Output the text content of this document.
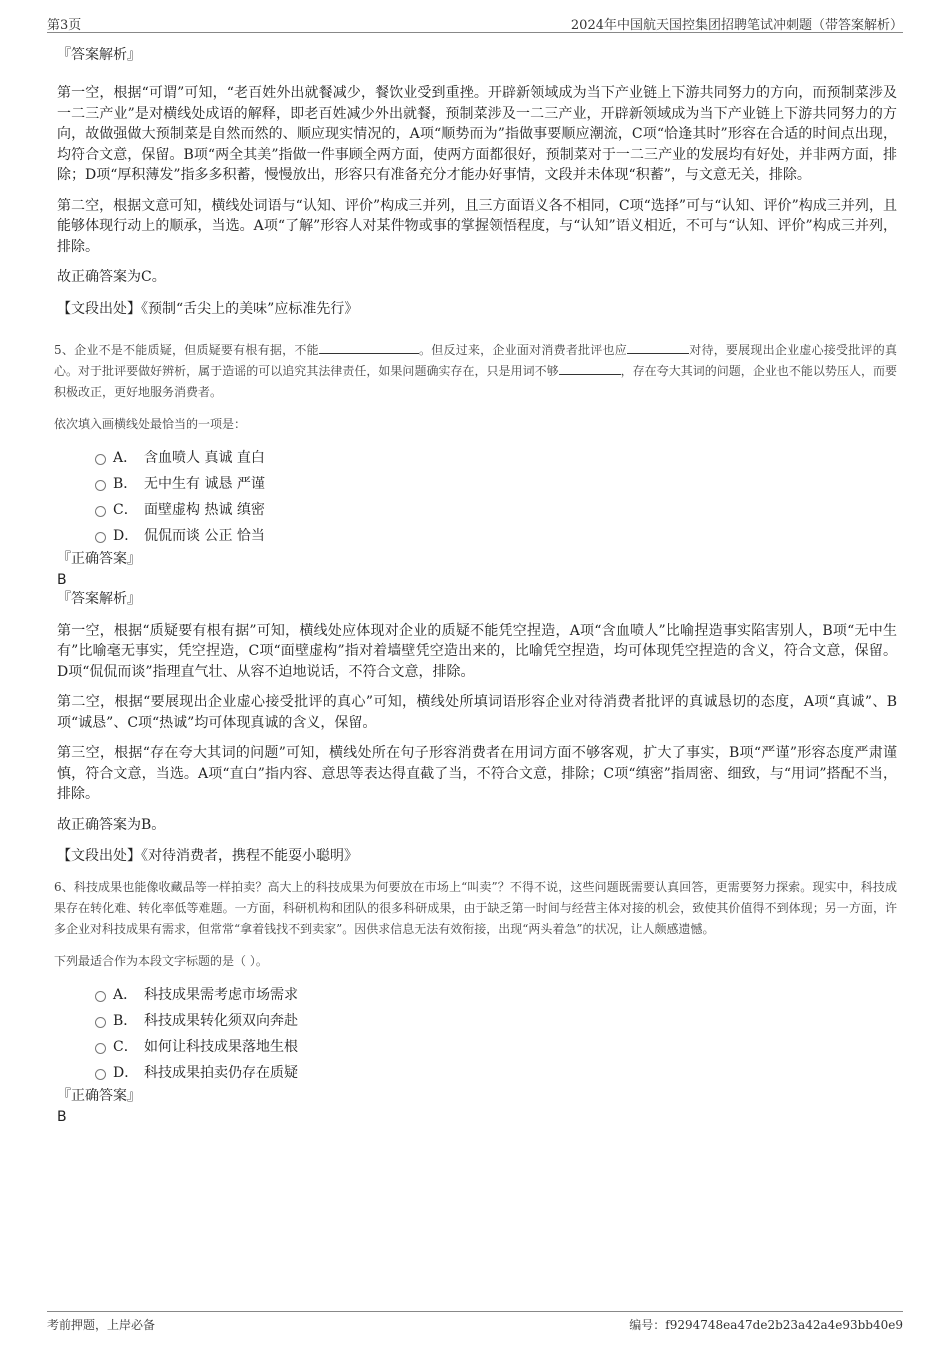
第3页	2024年中国航天国控集团招聘笔试冲刺题（带答案解析）

『答案解析』

第一空，根据“可谓”可知，“老百姓外出就餐减少，餐饮业受到重挫。开辟新领域成为当下产业链上下游共同努力的方向，而预制菜涉及一二三产业”是对横线处成语的解释，即老百姓减少外出就餐，预制菜涉及一二三产业，开辟新领域成为当下产业链上下游共同努力的方向，故做强做大预制菜是自然而然的、顺应现实情况的，A项“顺势而为”指做事要顺应潮流，C项“恰逢其时”形容在合适的时间点出现，均符合文意，保留。B项“两全其美”指做一件事顾全两方面，使两方面都很好，预制菜对于一二三产业的发展均有好处，并非两方面，排除；D项“厚积薄发”指多多积蓄，慢慢放出，形容只有准备充分才能办好事情，文段并未体现“积蓄”，与文意无关，排除。

第二空，根据文意可知，横线处词语与“认知、评价”构成三并列，且三方面语义各不相同，C项“选择”可与“认知、评价”构成三并列，且能够体现行动上的顺承，当选。A项“了解”形容人对某件物或事的掌握领悟程度，与“认知”语义相近，不可与“认知、评价”构成三并列，排除。

故正确答案为C。

【文段出处】《预制“舌尖上的美味”应标准先行》

5、企业不是不能质疑，但质疑要有根有据，不能	。但反过来，企业面对消费者批评也应	对待，要展现出企业虚心接受批评的真心。对于批评要做好辨析，属于造谣的可以追究其法律责任，如果问题确实存在，只是用词不够	，存在夸大其词的问题，企业也不能以势压人，而要积极改正，更好地服务消费者。

依次填入画横线处最恰当的一项是：

A． 含血喷人 真诚 直白
B． 无中生有 诚恳 严谨
C． 面壁虚构 热诚 缜密
D． 侃侃而谈 公正 恰当

『正确答案』

B

『答案解析』

第一空，根据“质疑要有根有据”可知，横线处应体现对企业的质疑不能凭空捏造，A项“含血喷人”比喻捏造事实陷害别人，B项“无中生有”比喻毫无事实，凭空捏造，C项“面壁虚构”指对着墙壁凭空造出来的，比喻凭空捏造，均可体现凭空捏造的含义，符合文意，保留。D项“侃侃而谈”指理直气壮、从容不迫地说话，不符合文意，排除。

第二空，根据“要展现出企业虚心接受批评的真心”可知，横线处所填词语形容企业对待消费者批评的真诚恳切的态度，A项“真诚”、B项“诚恳”、C项“热诚”均可体现真诚的含义，保留。

第三空，根据“存在夸大其词的问题”可知，横线处所在句子形容消费者在用词方面不够客观，扩大了事实，B项“严谨”形容态度严肃谨慎，符合文意，当选。A项“直白”指内容、意思等表达得直截了当，不符合文意，排除；C项“缜密”指周密、细致，与“用词”搭配不当，排除。

故正确答案为B。

【文段出处】《对待消费者，携程不能耍小聪明》

6、科技成果也能像收藏品等一样拍卖？高大上的科技成果为何要放在市场上“叫卖”？不得不说，这些问题既需要认真回答，更需要努力探索。现实中，科技成果存在转化难、转化率低等难题。一方面，科研机构和团队的很多科研成果，由于缺乏第一时间与经营主体对接的机会，致使其价值得不到体现；另一方面，许多企业对科技成果有需求，但常常“拿着钱找不到卖家”。因供求信息无法有效衔接，出现“两头着急”的状况，让人颇感遗憾。

下列最适合作为本段文字标题的是（ ）。

A． 科技成果需考虑市场需求
B． 科技成果转化须双向奔赴
C． 如何让科技成果落地生根
D． 科技成果拍卖仍存在质疑

『正确答案』

B

考前押题，上岸必备	编号：f9294748ea47de2b23a42a4e93bb40e9
